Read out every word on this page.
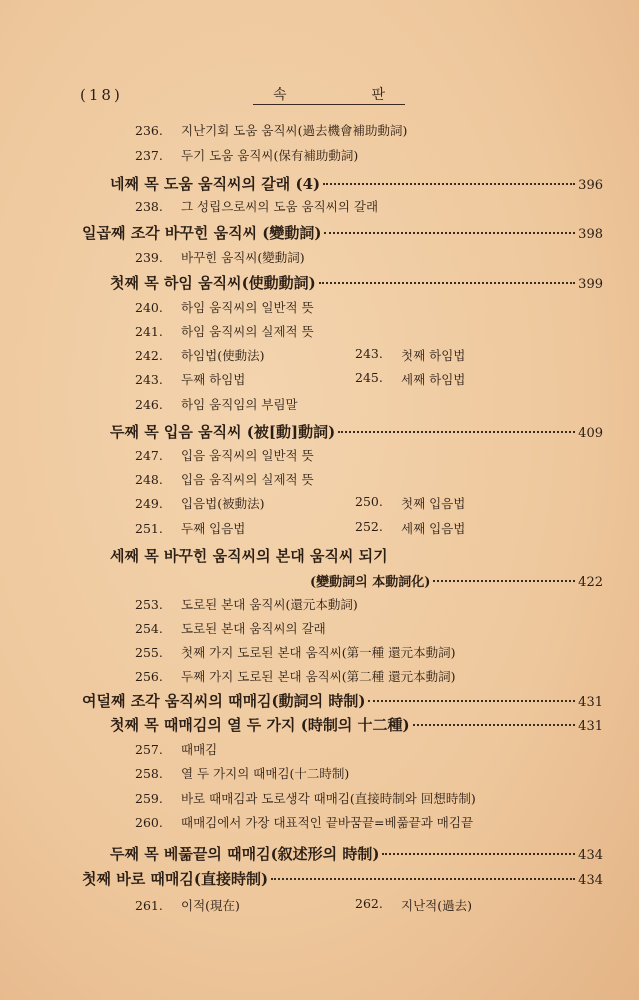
(18)	속	판
236.	지난기회 도움 움직씨(過去機會補助動詞)
237.	두기 도움 움직씨(保有補助動詞)
네째 목 도움 움직씨의 갈래 (4)	396
238.	그 성립으로씨의 도움 움직씨의 갈래
일곱째 조각 바꾸힌 움직씨 (變動詞)	398
239.	바꾸힌 움직씨(變動詞)
첫째 목 하임 움직씨(使動動詞)	399
240.	하임 움직씨의 일반적 뜻
241.	하임 움직씨의 실제적 뜻
242.	하임법(使動法)	243.	첫째 하임법
243.	두째 하임법	245.	세째 하임법
246.	하임 움직임의 부림말
두째 목 입음 움직씨 (被[動]動詞)	409
247.	입음 움직씨의 일반적 뜻
248.	입음 움직씨의 실제적 뜻
249.	입음법(被動法)	250.	첫째 입음법
251.	두째 입음법	252.	세째 입음법
세째 목 바꾸힌 움직씨의 본대 움직씨 되기
(變動詞의 本動詞化)	422
253.	도로된 본대 움직씨(還元本動詞)
254.	도로된 본대 움직씨의 갈래
255.	첫째 가지 도로된 본대 움직씨(第一種 還元本動詞)
256.	두째 가지 도로된 본대 움직씨(第二種 還元本動詞)
여덜째 조각 움직씨의 때매김(動詞의 時制)	431
첫째 목 때매김의 열 두 가지 (時制의 十二種)	431
257.	때매김
258.	열 두 가지의 때매김(十二時制)
259.	바로 때매김과 도로생각 때매김(直接時制와 回想時制)
260.	때매김에서 가장 대표적인 끝바꿈끝=베풂끝과 매김끝
두째 목 베풂끝의 때매김(叙述形의 時制)	434
첫째 바로 때매김(直接時制)	434
261.	이적(現在)	262.	지난적(過去)
